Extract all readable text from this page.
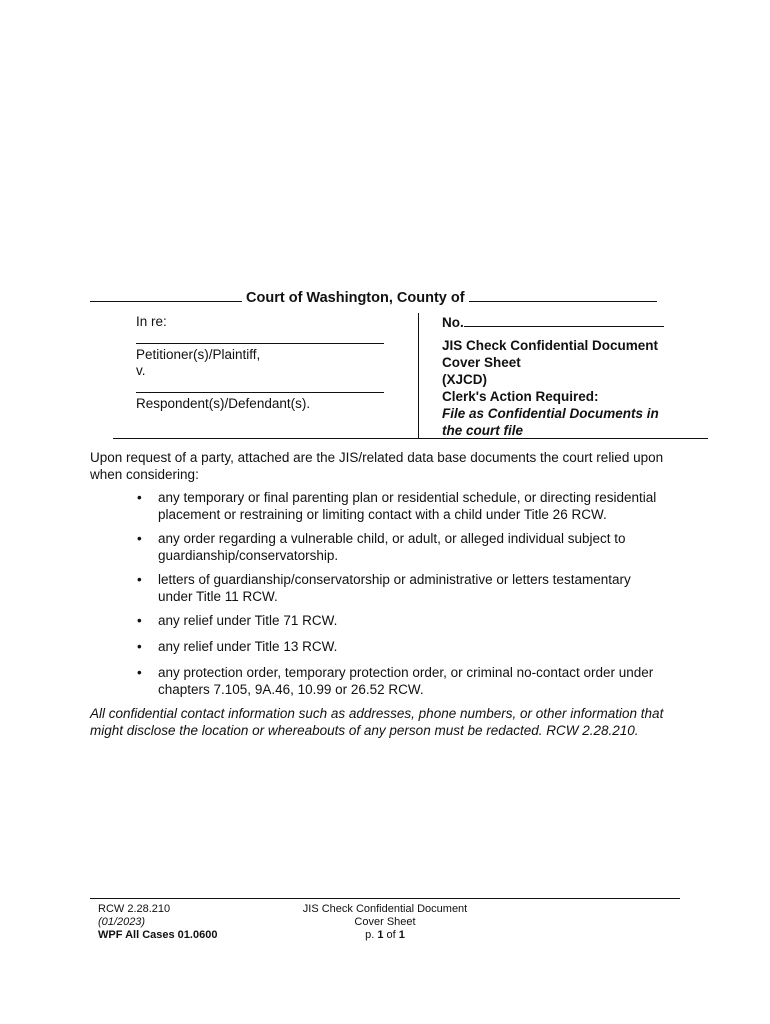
Court of Washington, County of
In re:
Petitioner(s)/Plaintiff,
v.
Respondent(s)/Defendant(s).
No.
JIS Check Confidential Document
Cover Sheet
(XJCD)
Clerk's Action Required:
File as Confidential Documents in
the court file
Upon request of a party, attached are the JIS/related data base documents the court relied upon
when considering:
• any temporary or final parenting plan or residential schedule, or directing residential
placement or restraining or limiting contact with a child under Title 26 RCW.
• any order regarding a vulnerable child, or adult, or alleged individual subject to
guardianship/conservatorship.
• letters of guardianship/conservatorship or administrative or letters testamentary
under Title 11 RCW.
• any relief under Title 71 RCW.
• any relief under Title 13 RCW.
• any protection order, temporary protection order, or criminal no-contact order under
chapters 7.105, 9A.46, 10.99 or 26.52 RCW.
All confidential contact information such as addresses, phone numbers, or other information that
might disclose the location or whereabouts of any person must be redacted. RCW 2.28.210.
RCW 2.28.210
(01/2023)
WPF All Cases 01.0600
JIS Check Confidential Document
Cover Sheet
p. 1 of 1
